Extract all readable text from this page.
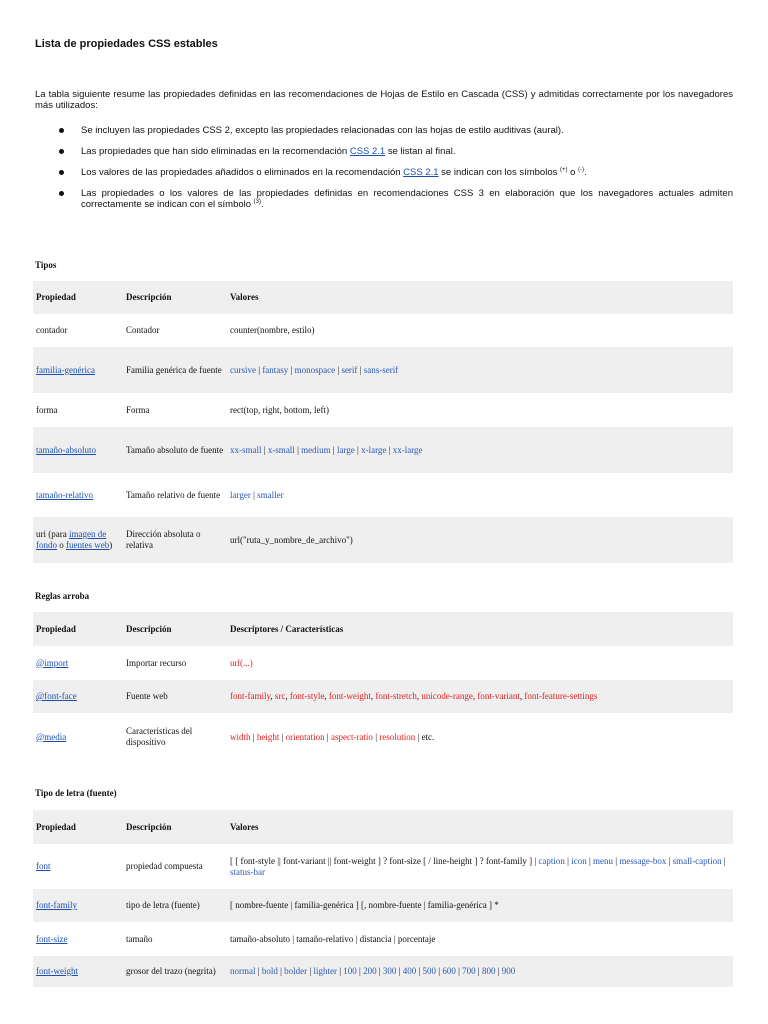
Lista de propiedades CSS estables
La tabla siguiente resume las propiedades definidas en las recomendaciones de Hojas de Estilo en Cascada (CSS) y admitidas correctamente por los navegadores más utilizados:
Se incluyen las propiedades CSS 2, excepto las propiedades relacionadas con las hojas de estilo auditivas (aural).
Las propiedades que han sido eliminadas en la recomendación CSS 2.1 se listan al final.
Los valores de las propiedades añadidos o eliminados en la recomendación CSS 2.1 se indican con los símbolos (+) o (-).
Las propiedades o los valores de las propiedades definidas en recomendaciones CSS 3 en elaboración que los navegadores actuales admiten correctamente se indican con el símbolo $^{(3)}$.
Tipos
Propiedad	Descripción	Valores
contador	Contador	counter(nombre, estilo)
familia-genérica	Familia genérica de fuente	cursive | fantasy | monospace | serif | sans-serif
forma	Forma	rect(top, right, bottom, left)
tamaño-absoluto	Tamaño absoluto de fuente	xx-small | x-small | medium | large | x-large | xx-large
tamaño-relativo	Tamaño relativo de fuente	larger | smaller
uri (para imagen de fondo o fuentes web)	Dirección absoluta o relativa	url("ruta_y_nombre_de_archivo")
Reglas arroba
Propiedad	Descripción	Descriptores / Características
@import	Importar recurso	url(...)
@font-face	Fuente web	font-family, src, font-style, font-weight, font-stretch, unicode-range, font-variant, font-feature-settings
@media	Características del dispositivo	width | height | orientation | aspect-ratio | resolution | etc.
Tipo de letra (fuente)
Propiedad	Descripción	Valores
font	propiedad compuesta	[ [ font-style || font-variant || font-weight ] ? font-size [ / line-height ] ? font-family ] | caption | icon | menu | message-box | small-caption | status-bar
font-family	tipo de letra (fuente)	[ nombre-fuente | familia-genérica ] [, nombre-fuente | familia-genérica ] *
font-size	tamaño	tamaño-absoluto | tamaño-relativo | distancia | porcentaje
font-weight	grosor del trazo (negrita)	normal | bold | bolder | lighter | 100 | 200 | 300 | 400 | 500 | 600 | 700 | 800 | 900
